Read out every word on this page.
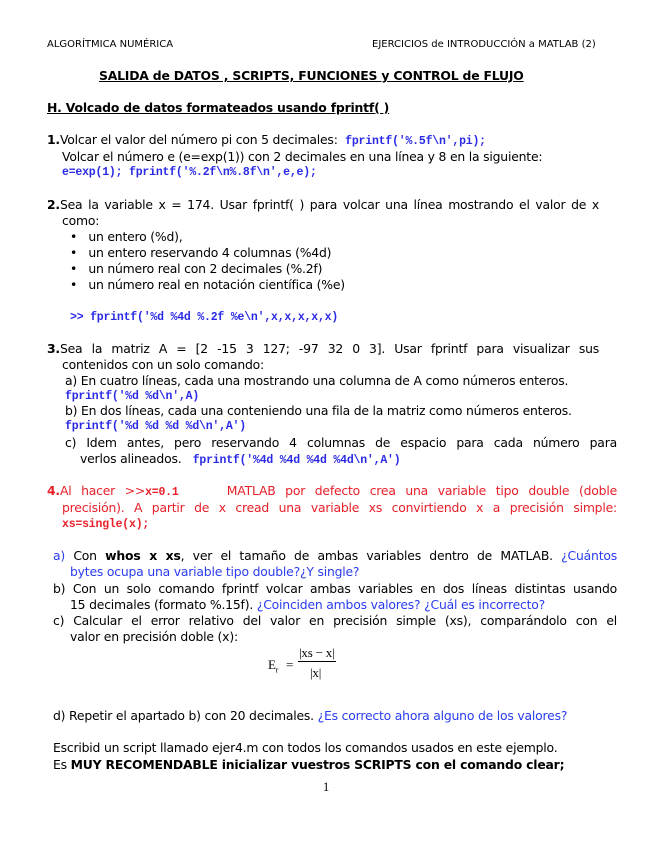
ALGORÍTMICA NUMÉRICA	EJERCICIOS de INTRODUCCIÓN a MATLAB (2)
SALIDA de DATOS , SCRIPTS, FUNCIONES y CONTROL de FLUJO
H. Volcado de datos formateados usando fprintf( )
1.Volcar el valor del número pi con 5 decimales: fprintf('%.5f\n',pi);
Volcar el número e (e=exp(1)) con 2 decimales en una línea y 8 en la siguiente:
e=exp(1); fprintf('%.2f\n%.8f\n',e,e);
2.Sea la variable x = 174. Usar fprintf( ) para volcar una línea mostrando el valor de x
como:
•   un entero (%d),
•   un entero reservando 4 columnas (%4d)
•   un número real con 2 decimales (%.2f)
•   un número real en notación científica (%e)
>> fprintf('%d %4d %.2f %e\n',x,x,x,x,x)
3.Sea la matriz A = [2 -15 3 127; -97 32 0 3]. Usar fprintf para visualizar sus
contenidos con un solo comando:
a) En cuatro líneas, cada una mostrando una columna de A como números enteros.
fprintf('%d %d\n',A)
b) En dos líneas, cada una conteniendo una fila de la matriz como números enteros.
fprintf('%d %d %d %d\n',A')
c) Idem antes, pero reservando 4 columnas de espacio para cada número para
verlos alineados. fprintf('%4d %4d %4d %4d\n',A')
4.Al hacer >>x=0.1	MATLAB por defecto crea una variable tipo double (doble
precisión). A partir de x cread una variable xs convirtiendo x a precisión simple:
xs=single(x);
a) Con whos x xs, ver el tamaño de ambas variables dentro de MATLAB. ¿Cuántos
bytes ocupa una variable tipo double?¿Y single?
b) Con un solo comando fprintf volcar ambas variables en dos líneas distintas usando
15 decimales (formato %.15f). ¿Coinciden ambos valores? ¿Cuál es incorrecto?
c) Calcular el error relativo del valor en precisión simple (xs), comparándolo con el
valor en precisión doble (x):
$E_r$ =
|xs − x|
|x|
d) Repetir el apartado b) con 20 decimales. ¿Es correcto ahora alguno de los valores?
Escribid un script llamado ejer4.m con todos los comandos usados en este ejemplo.
Es MUY RECOMENDABLE inicializar vuestros SCRIPTS con el comando clear;
1
